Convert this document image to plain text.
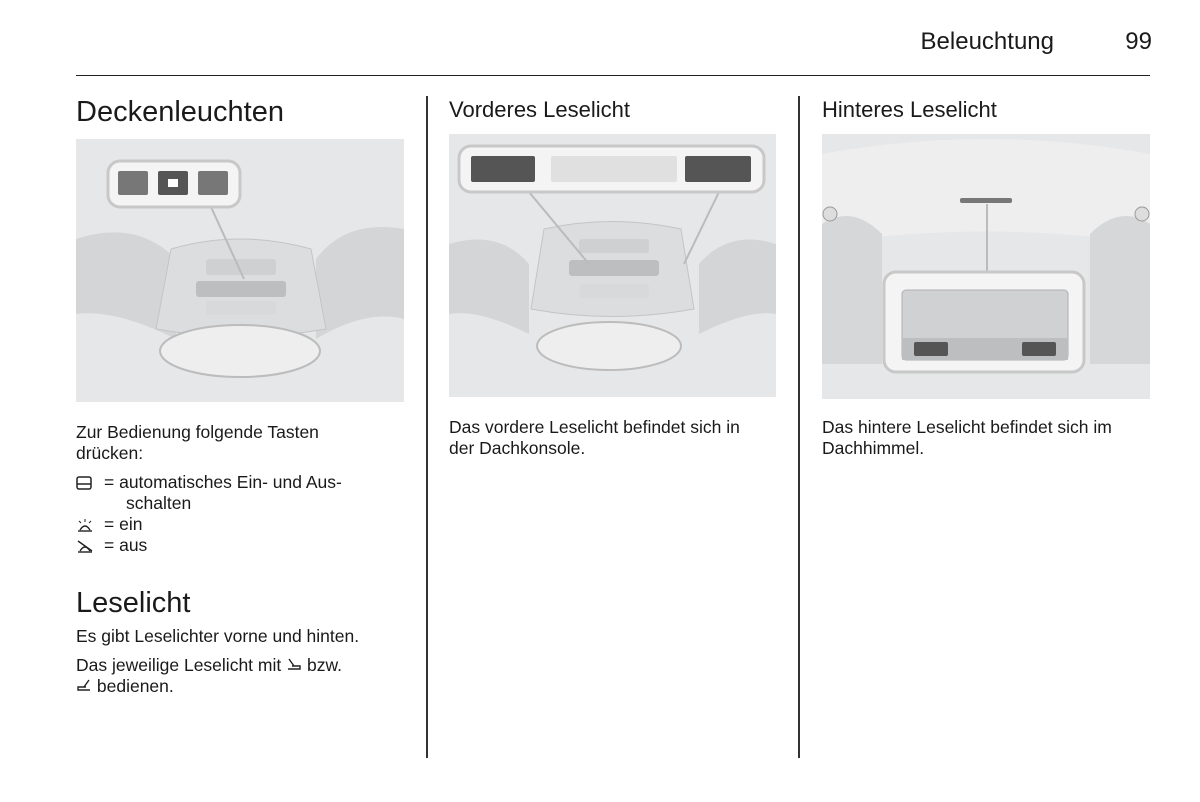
Beleuchtung	99
Deckenleuchten
Zur Bedienung folgende Tasten
drücken:
= automatisches Ein- und Aus-
schalten
= ein
= aus
Leselicht
Es gibt Leselichter vorne und hinten.
Das jeweilige Leselicht mit bzw.
bedienen.
Vorderes Leselicht
Das vordere Leselicht befindet sich in
der Dachkonsole.
Hinteres Leselicht
Das hintere Leselicht befindet sich im
Dachhimmel.
